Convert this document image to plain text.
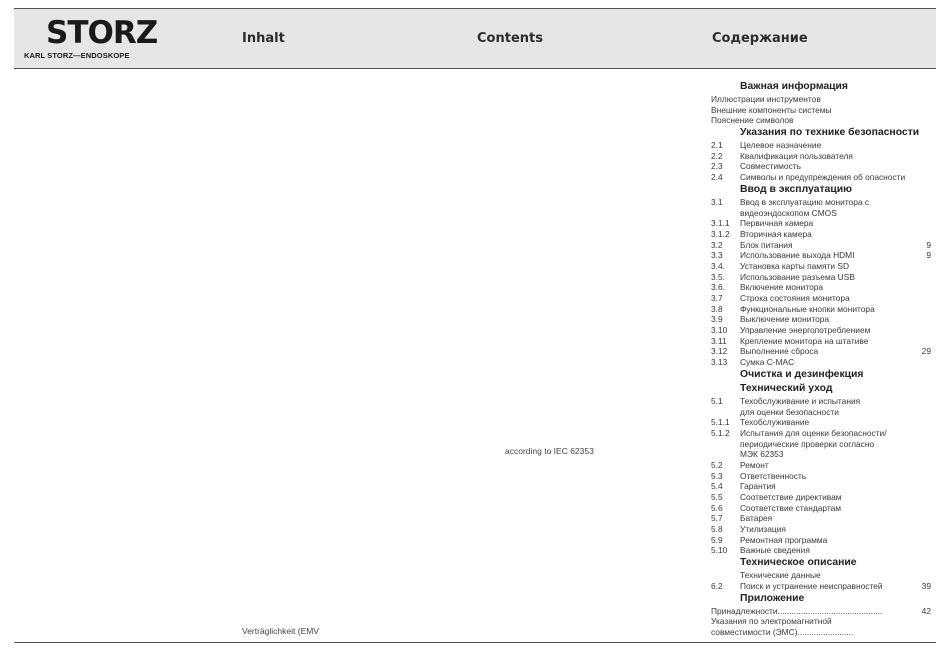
STORZ
KARL STORZ—ENDOSKOPE
Inhalt	Contents	Содержание
according to IEC 62353
Verträglichkeit (EMV
Важная информация
Иллюстрации инструментов
Внешние компоненты системы
Пояснение символов
Указания по технике безопасности
2.1 Целевое назначение
2.2 Квалификация пользователя
2.3 Совместимость
2.4 Символы и предупреждения об опасности
Ввод в эксплуатацию
3.1 Ввод в эксплуатацию монитора с
видеоэндоскопом CMOS
3.1.1 Первичная камера
3.1.2 Вторичная камера
3.2 Блок питания	9
3.3 Использование выхода HDMI	9
3.4. Установка карты памяти SD
3.5. Использование разъема USB
3.6. Включение монитора
3.7 Строка состояния монитора
3.8 Функциональные кнопки монитора
3.9 Выключение монитора
3.10 Управление энергопотреблением
3.11 Крепление монитора на штативе
3.12 Выполнение сброса	29
3.13 Сумка C-MAC
Очистка и дезинфекция
Технический уход
5.1 Техобслуживание и испытания
для оценки безопасности
5.1.1 Техобслуживание
5.1.2 Испытания для оценки безопасности/
периодические проверки согласно
МЭК 62353
5.2 Ремонт
5.3 Ответственность
5.4 Гарантия
5.5 Соответствие директивам
5.6 Соответствие стандартам
5.7 Батарея
5.8 Утилизация
5.9 Ремонтная программа
5.10 Важные сведения
Техническое описание
Технические данные
6.2 Поиск и устранение неисправностей	39
Приложение
Принадлежности.............................................	42
Указания по электромагнитной
совместимости (ЭМС)........................
